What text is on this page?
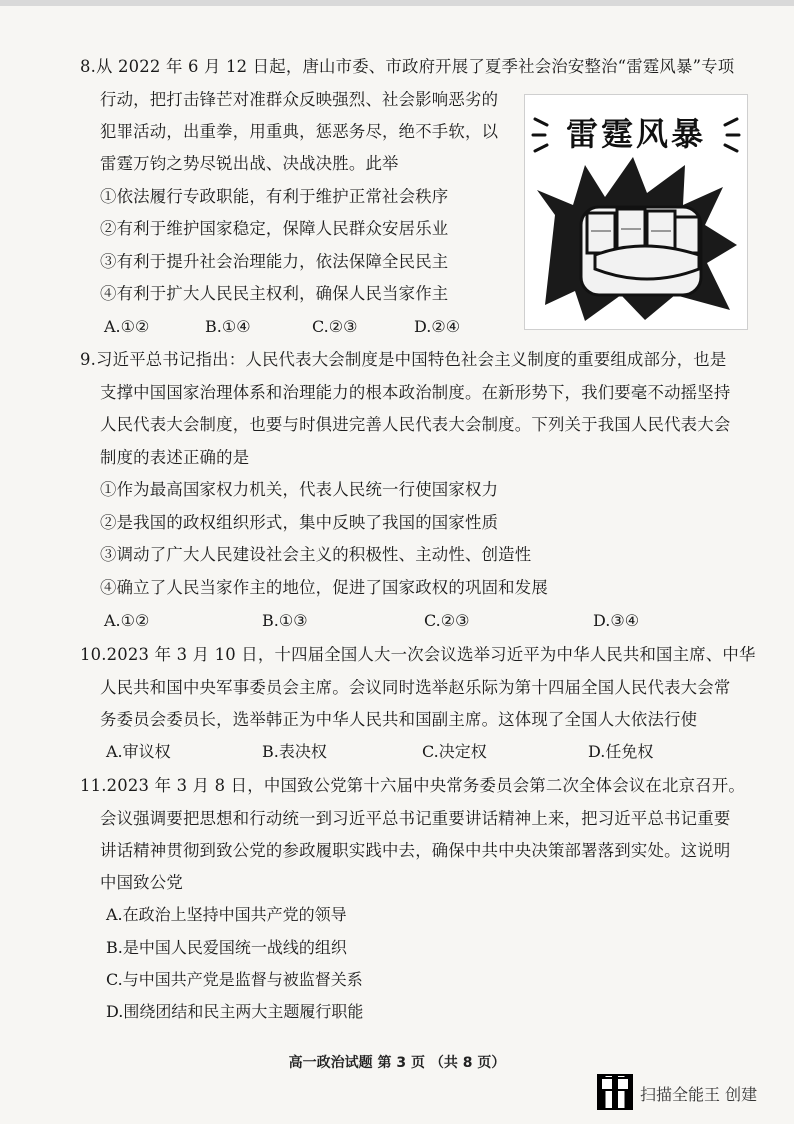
8.从 2022 年 6 月 12 日起，唐山市委、市政府开展了夏季社会治安整治“雷霆风暴”专项
行动，把打击锋芒对准群众反映强烈、社会影响恶劣的
犯罪活动，出重拳，用重典，惩恶务尽，绝不手软，以
雷霆万钧之势尽锐出战、决战决胜。此举
①依法履行专政职能，有利于维护正常社会秩序
②有利于维护国家稳定，保障人民群众安居乐业
③有利于提升社会治理能力，依法保障全民民主
④有利于扩大人民民主权利，确保人民当家作主
A.①②	B.①④	C.②③	D.②④
雷霆风暴
9.习近平总书记指出：人民代表大会制度是中国特色社会主义制度的重要组成部分，也是
支撑中国国家治理体系和治理能力的根本政治制度。在新形势下，我们要毫不动摇坚持
人民代表大会制度，也要与时俱进完善人民代表大会制度。下列关于我国人民代表大会
制度的表述正确的是
①作为最高国家权力机关，代表人民统一行使国家权力
②是我国的政权组织形式，集中反映了我国的国家性质
③调动了广大人民建设社会主义的积极性、主动性、创造性
④确立了人民当家作主的地位，促进了国家政权的巩固和发展
A.①②	B.①③	C.②③	D.③④
10.2023 年 3 月 10 日，十四届全国人大一次会议选举习近平为中华人民共和国主席、中华
人民共和国中央军事委员会主席。会议同时选举赵乐际为第十四届全国人民代表大会常
务委员会委员长，选举韩正为中华人民共和国副主席。这体现了全国人大依法行使
A.审议权	B.表决权	C.决定权	D.任免权
11.2023 年 3 月 8 日，中国致公党第十六届中央常务委员会第二次全体会议在北京召开。
会议强调要把思想和行动统一到习近平总书记重要讲话精神上来，把习近平总书记重要
讲话精神贯彻到致公党的参政履职实践中去，确保中共中央决策部署落到实处。这说明
中国致公党
A.在政治上坚持中国共产党的领导
B.是中国人民爱国统一战线的组织
C.与中国共产党是监督与被监督关系
D.围绕团结和民主两大主题履行职能
高一政治试题 第 3 页 （共 8 页）
扫描全能王 创建
